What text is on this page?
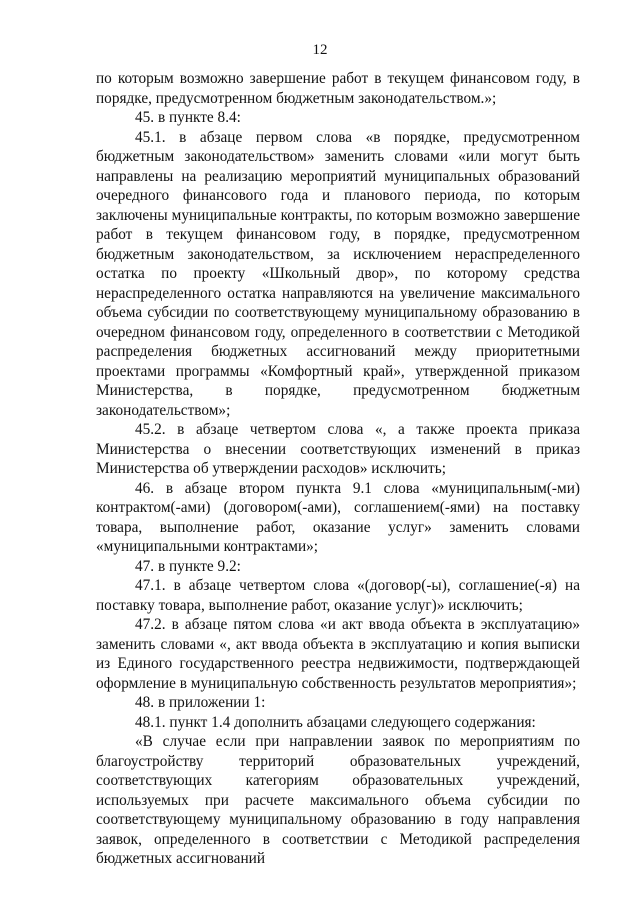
12

по которым возможно завершение работ в текущем финансовом году, в порядке, предусмотренном бюджетным законодательством.»;

45. в пункте 8.4:

45.1. в абзаце первом слова «в порядке, предусмотренном бюджетным законодательством» заменить словами «или могут быть направлены на реализацию мероприятий муниципальных образований очередного финансового года и планового периода, по которым заключены муниципальные контракты, по которым возможно завершение работ в текущем финансовом году, в порядке, предусмотренном бюджетным законодательством, за исключением нераспределенного остатка по проекту «Школьный двор», по которому средства нераспределенного остатка направляются на увеличение максимального объема субсидии по соответствующему муниципальному образованию в очередном финансовом году, определенного в соответствии с Методикой распределения бюджетных ассигнований между приоритетными проектами программы «Комфортный край», утвержденной приказом Министерства, в порядке, предусмотренном бюджетным законодательством»;

45.2. в абзаце четвертом слова «, а также проекта приказа Министерства о внесении соответствующих изменений в приказ Министерства об утверждении расходов» исключить;

46. в абзаце втором пункта 9.1 слова «муниципальным(-ми) контрактом(-ами) (договором(-ами), соглашением(-ями) на поставку товара, выполнение работ, оказание услуг» заменить словами «муниципальными контрактами»;

47. в пункте 9.2:

47.1. в абзаце четвертом слова «(договор(-ы), соглашение(-я) на поставку товара, выполнение работ, оказание услуг)» исключить;

47.2. в абзаце пятом слова «и акт ввода объекта в эксплуатацию» заменить словами «, акт ввода объекта в эксплуатацию и копия выписки из Единого государственного реестра недвижимости, подтверждающей оформление в муниципальную собственность результатов мероприятия»;

48. в приложении 1:

48.1. пункт 1.4 дополнить абзацами следующего содержания:

«В случае если при направлении заявок по мероприятиям по благоустройству территорий образовательных учреждений, соответствующих категориям образовательных учреждений, используемых при расчете максимального объема субсидии по соответствующему муниципальному образованию в году направления заявок, определенного в соответствии с Методикой распределения бюджетных ассигнований
